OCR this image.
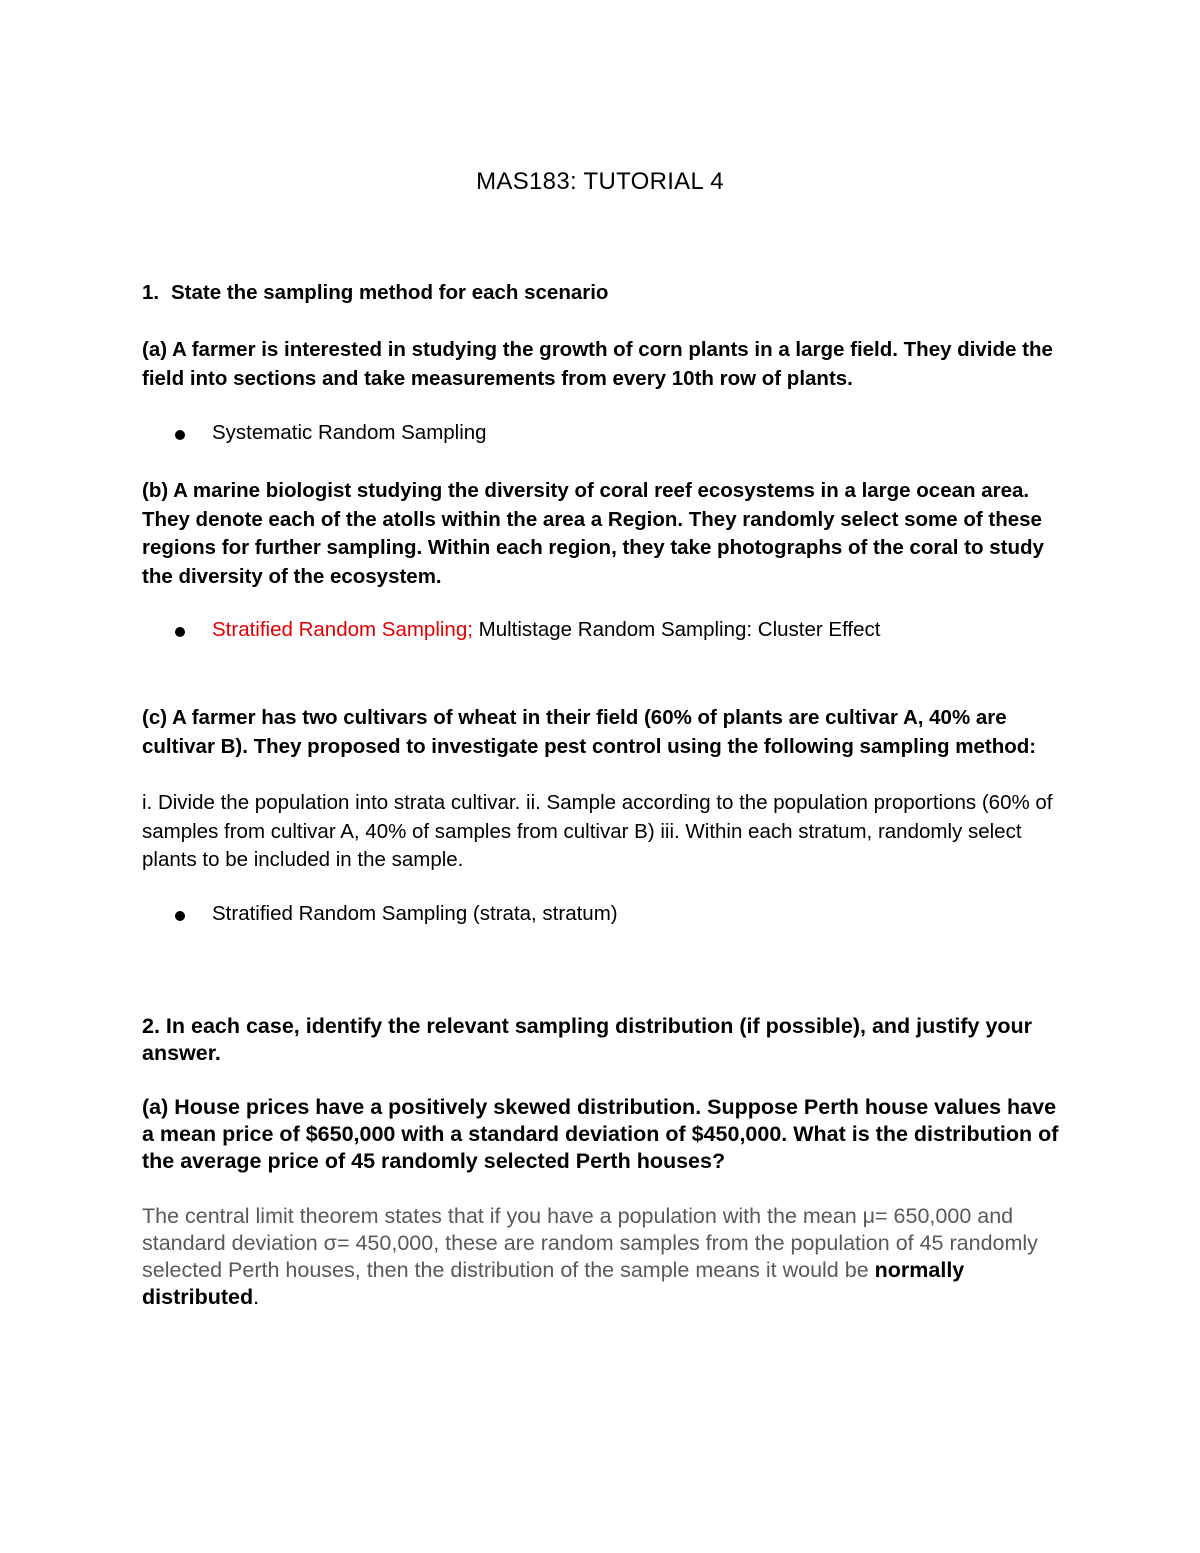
MAS183: TUTORIAL 4
1. State the sampling method for each scenario
(a) A farmer is interested in studying the growth of corn plants in a large field. They divide the field into sections and take measurements from every 10th row of plants.
Systematic Random Sampling
(b) A marine biologist studying the diversity of coral reef ecosystems in a large ocean area. They denote each of the atolls within the area a Region. They randomly select some of these regions for further sampling. Within each region, they take photographs of the coral to study the diversity of the ecosystem.
Stratified Random Sampling; Multistage Random Sampling: Cluster Effect
(c) A farmer has two cultivars of wheat in their field (60% of plants are cultivar A, 40% are cultivar B). They proposed to investigate pest control using the following sampling method:
i. Divide the population into strata cultivar. ii. Sample according to the population proportions (60% of samples from cultivar A, 40% of samples from cultivar B) iii. Within each stratum, randomly select plants to be included in the sample.
Stratified Random Sampling (strata, stratum)
2. In each case, identify the relevant sampling distribution (if possible), and justify your answer.
(a) House prices have a positively skewed distribution. Suppose Perth house values have a mean price of $650,000 with a standard deviation of $450,000. What is the distribution of the average price of 45 randomly selected Perth houses?
The central limit theorem states that if you have a population with the mean μ= 650,000 and standard deviation σ= 450,000, these are random samples from the population of 45 randomly selected Perth houses, then the distribution of the sample means it would be normally distributed.
